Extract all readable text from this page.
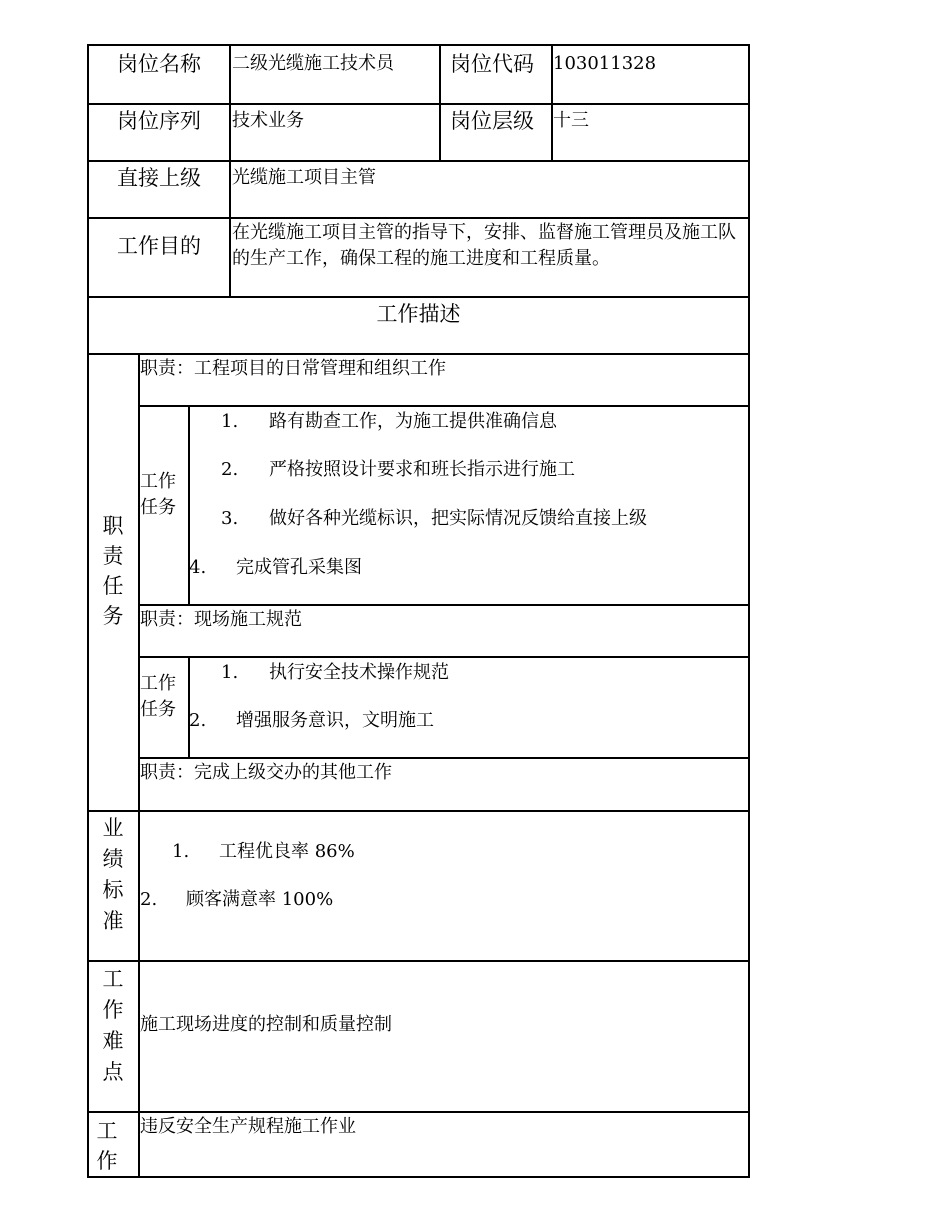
岗位名称 二级光缆施工技术员	岗位代码 103011328
岗位序列 技术业务	岗位层级 十三
直接上级 光缆施工项目主管
工作目的
在光缆施工项目主管的指导下，安排、监督施工管理员及施工队的生产工作，确保工程的施工进度和工程质量。
工作描述
职
责
任
务
职责：工程项目的日常管理和组织工作
工作
任务
1. 路有勘查工作，为施工提供准确信息
2. 严格按照设计要求和班长指示进行施工
3. 做好各种光缆标识，把实际情况反馈给直接上级
4. 完成管孔采集图
职责：现场施工规范
工作
任务
1. 执行安全技术操作规范
2. 增强服务意识，文明施工
职责：完成上级交办的其他工作
业
绩
标
准
1. 工程优良率 86%
2. 顾客满意率 100%
工
作
难
点
施工现场进度的控制和质量控制
工
作
违反安全生产规程施工作业
